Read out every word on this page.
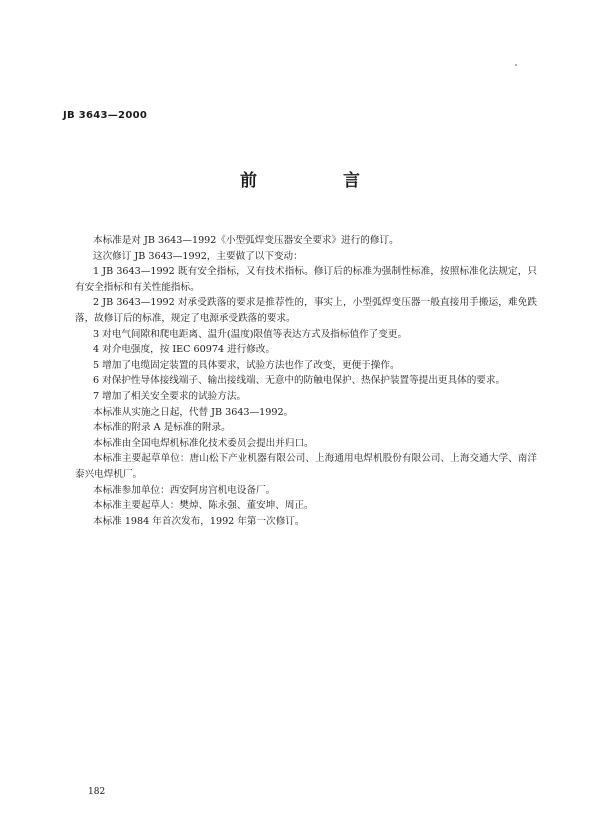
JB 3643—2000
前 言

本标准是对 JB 3643—1992《小型弧焊变压器安全要求》进行的修订。

这次修订 JB 3643—1992，主要做了以下变动：

1 JB 3643—1992 既有安全指标，又有技术指标。修订后的标准为强制性标准，按照标准化法规定，只有安全指标和有关性能指标。

2 JB 3643—1992 对承受跌落的要求是推荐性的，事实上，小型弧焊变压器一般直接用手搬运，难免跌落，故修订后的标准，规定了电源承受跌落的要求。

3 对电气间隙和爬电距离、温升(温度)限值等表达方式及指标值作了变更。

4 对介电强度，按 IEC 60974 进行修改。

5 增加了电缆固定装置的具体要求，试验方法也作了改变，更便于操作。

6 对保护性导体接线端子、输出接线端、无意中的防触电保护、热保护装置等提出更具体的要求。

7 增加了相关安全要求的试验方法。

本标准从实施之日起，代替 JB 3643—1992。

本标准的附录 A 是标准的附录。

本标准由全国电焊机标准化技术委员会提出并归口。

本标准主要起草单位：唐山松下产业机器有限公司、上海通用电焊机股份有限公司、上海交通大学、南洋泰兴电焊机厂。

本标准参加单位：西安阿房宫机电设备厂。

本标准主要起草人：樊焯、陈永强、董安坤、周正。

本标准 1984 年首次发布，1992 年第一次修订。

182
